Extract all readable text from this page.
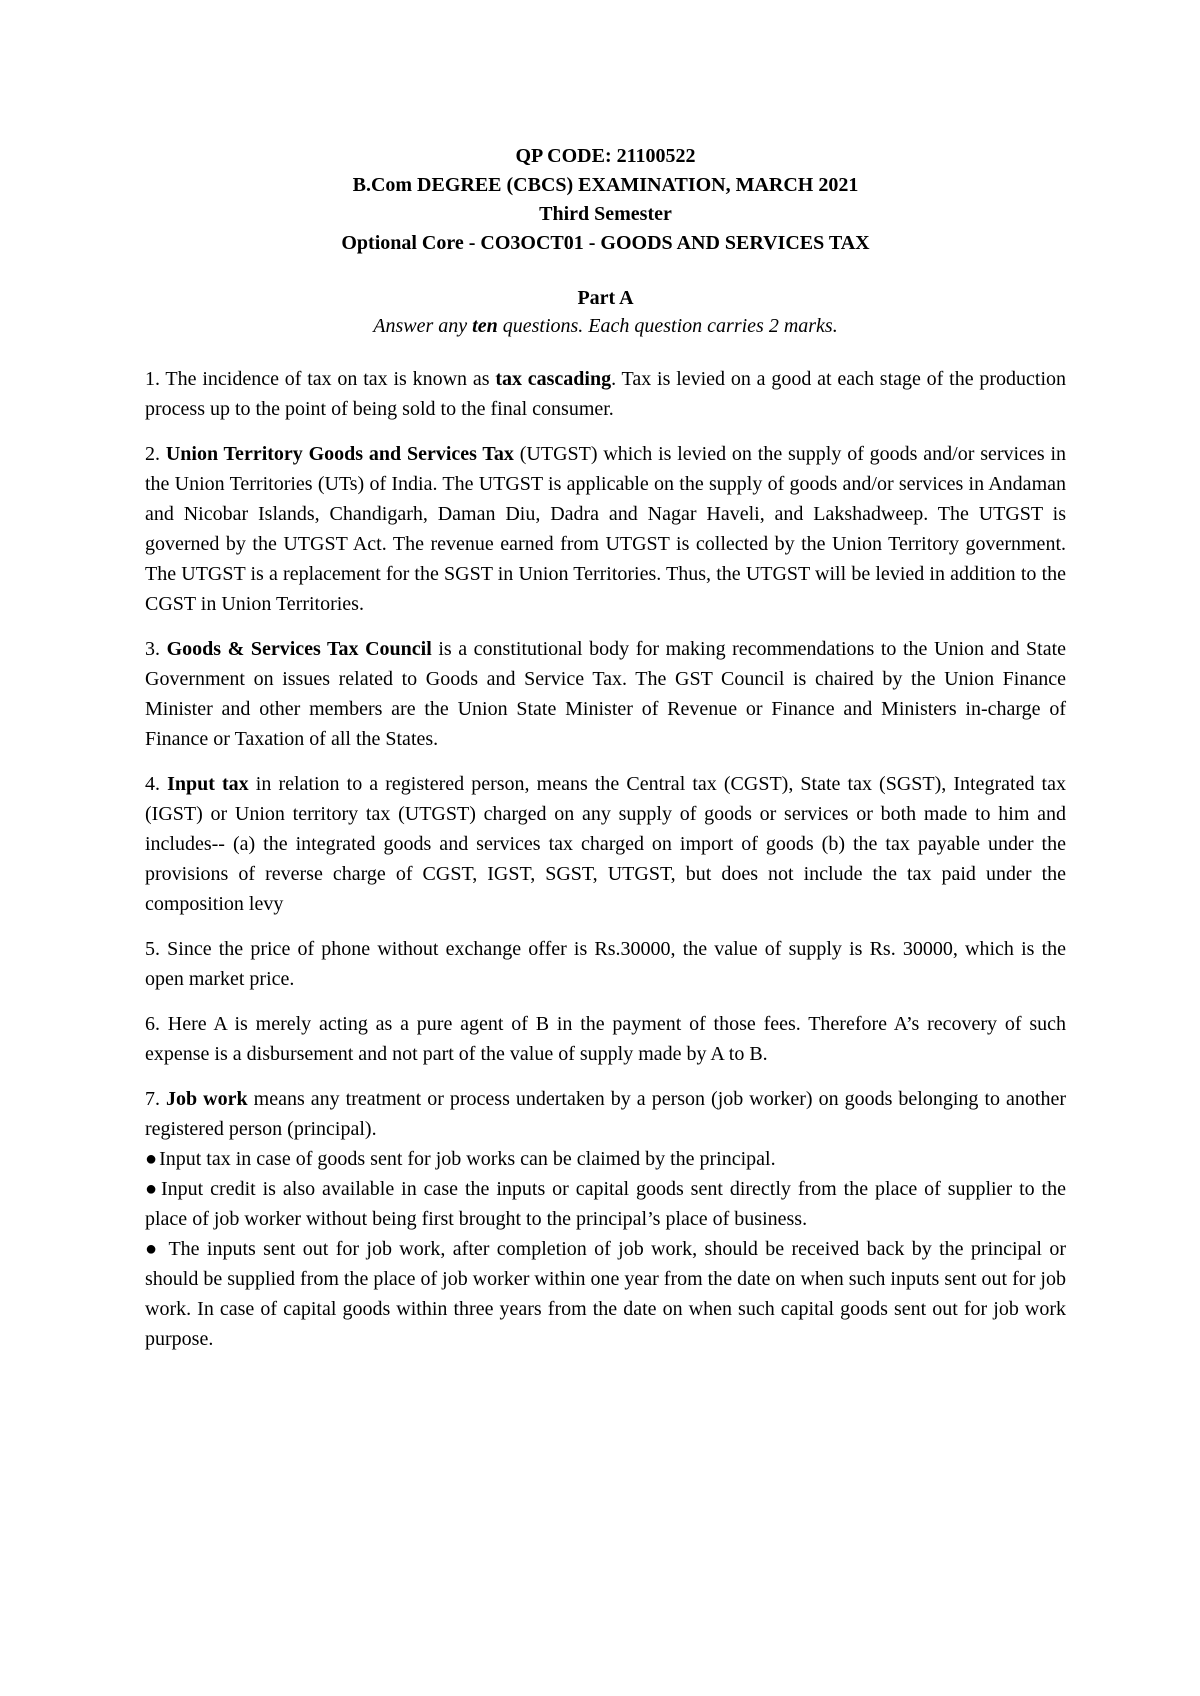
QP CODE: 21100522
B.Com DEGREE (CBCS) EXAMINATION, MARCH 2021
Third Semester
Optional Core - CO3OCT01 - GOODS AND SERVICES TAX
Part A
Answer any ten questions. Each question carries 2 marks.

1. The incidence of tax on tax is known as tax cascading. Tax is levied on a good at each stage of the production process up to the point of being sold to the final consumer.

2. Union Territory Goods and Services Tax (UTGST) which is levied on the supply of goods and/or services in the Union Territories (UTs) of India. The UTGST is applicable on the supply of goods and/or services in Andaman and Nicobar Islands, Chandigarh, Daman Diu, Dadra and Nagar Haveli, and Lakshadweep. The UTGST is governed by the UTGST Act. The revenue earned from UTGST is collected by the Union Territory government. The UTGST is a replacement for the SGST in Union Territories. Thus, the UTGST will be levied in addition to the CGST in Union Territories.

3. Goods & Services Tax Council is a constitutional body for making recommendations to the Union and State Government on issues related to Goods and Service Tax. The GST Council is chaired by the Union Finance Minister and other members are the Union State Minister of Revenue or Finance and Ministers in-charge of Finance or Taxation of all the States.

4. Input tax in relation to a registered person, means the Central tax (CGST), State tax (SGST), Integrated tax (IGST) or Union territory tax (UTGST) charged on any supply of goods or services or both made to him and includes-- (a) the integrated goods and services tax charged on import of goods (b) the tax payable under the provisions of reverse charge of CGST, IGST, SGST, UTGST, but does not include the tax paid under the composition levy

5. Since the price of phone without exchange offer is Rs.30000, the value of supply is Rs. 30000, which is the open market price.

6. Here A is merely acting as a pure agent of B in the payment of those fees. Therefore A’s recovery of such expense is a disbursement and not part of the value of supply made by A to B.

7. Job work means any treatment or process undertaken by a person (job worker) on goods belonging to another registered person (principal).

● Input tax in case of goods sent for job works can be claimed by the principal.

● Input credit is also available in case the inputs or capital goods sent directly from the place of supplier to the place of job worker without being first brought to the principal’s place of business.

● The inputs sent out for job work, after completion of job work, should be received back by the principal or should be supplied from the place of job worker within one year from the date on when such inputs sent out for job work. In case of capital goods within three years from the date on when such capital goods sent out for job work purpose.
